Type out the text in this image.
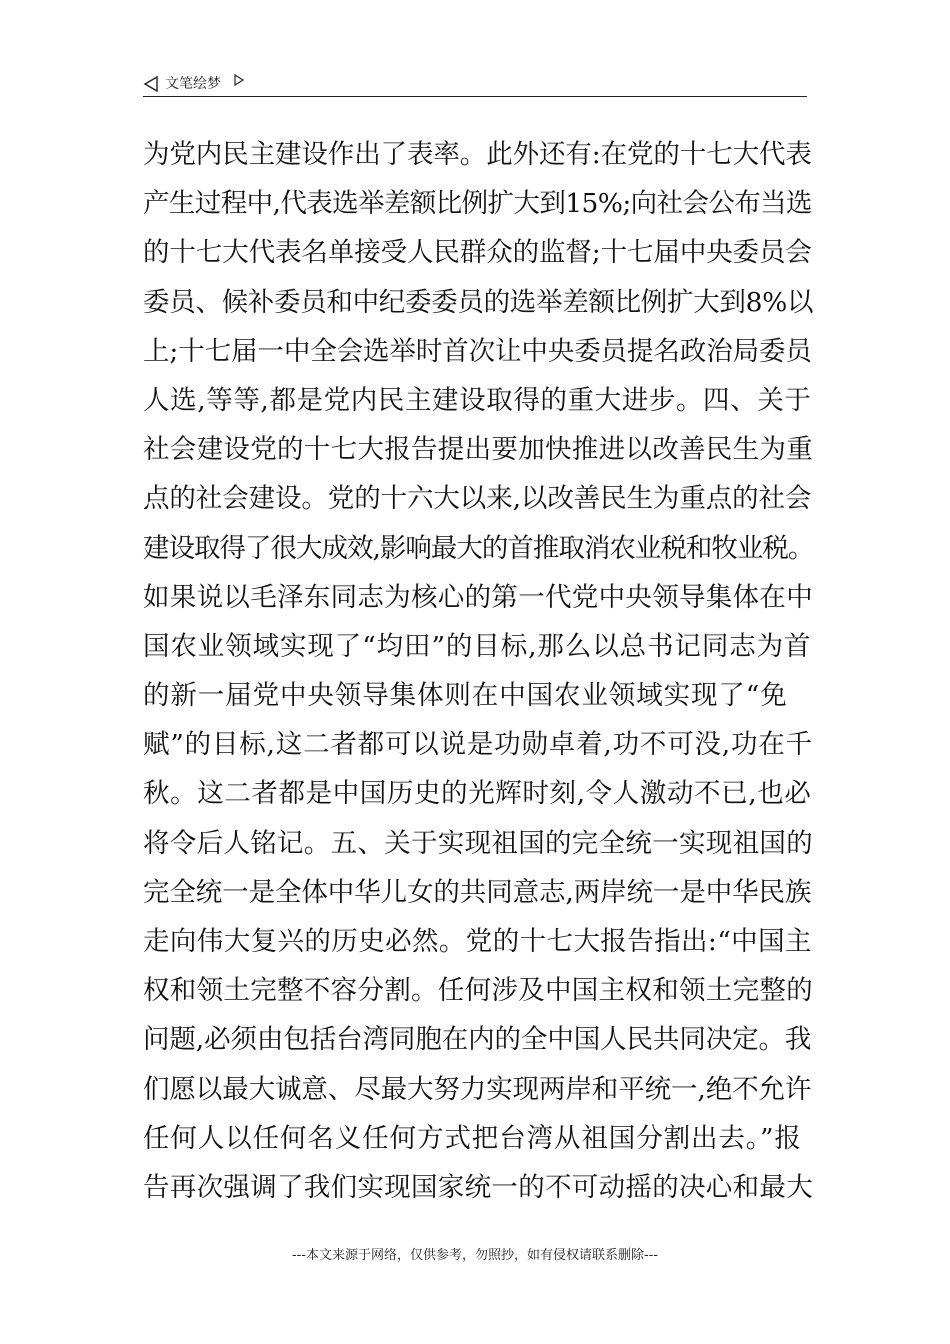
文笔绘梦
为党内民主建设作出了表率。此外还有:在党的十七大代表
产生过程中,代表选举差额比例扩大到15%;向社会公布当选
的十七大代表名单接受人民群众的监督;十七届中央委员会
委员、候补委员和中纪委委员的选举差额比例扩大到8%以
上;十七届一中全会选举时首次让中央委员提名政治局委员
人选,等等,都是党内民主建设取得的重大进步。四、关于
社会建设党的十七大报告提出要加快推进以改善民生为重
点的社会建设。党的十六大以来,以改善民生为重点的社会
建设取得了很大成效,影响最大的首推取消农业税和牧业税。
如果说以毛泽东同志为核心的第一代党中央领导集体在中
国农业领域实现了“均田”的目标,那么以总书记同志为首
的新一届党中央领导集体则在中国农业领域实现了“免
赋”的目标,这二者都可以说是功勋卓着,功不可没,功在千
秋。这二者都是中国历史的光辉时刻,令人激动不已,也必
将令后人铭记。五、关于实现祖国的完全统一实现祖国的
完全统一是全体中华儿女的共同意志,两岸统一是中华民族
走向伟大复兴的历史必然。党的十七大报告指出:“中国主
权和领土完整不容分割。任何涉及中国主权和领土完整的
问题,必须由包括台湾同胞在内的全中国人民共同决定。我
们愿以最大诚意、尽最大努力实现两岸和平统一,绝不允许
任何人以任何名义任何方式把台湾从祖国分割出去。”报
告再次强调了我们实现国家统一的不可动摇的决心和最大
---本文来源于网络，仅供参考，勿照抄，如有侵权请联系删除---
